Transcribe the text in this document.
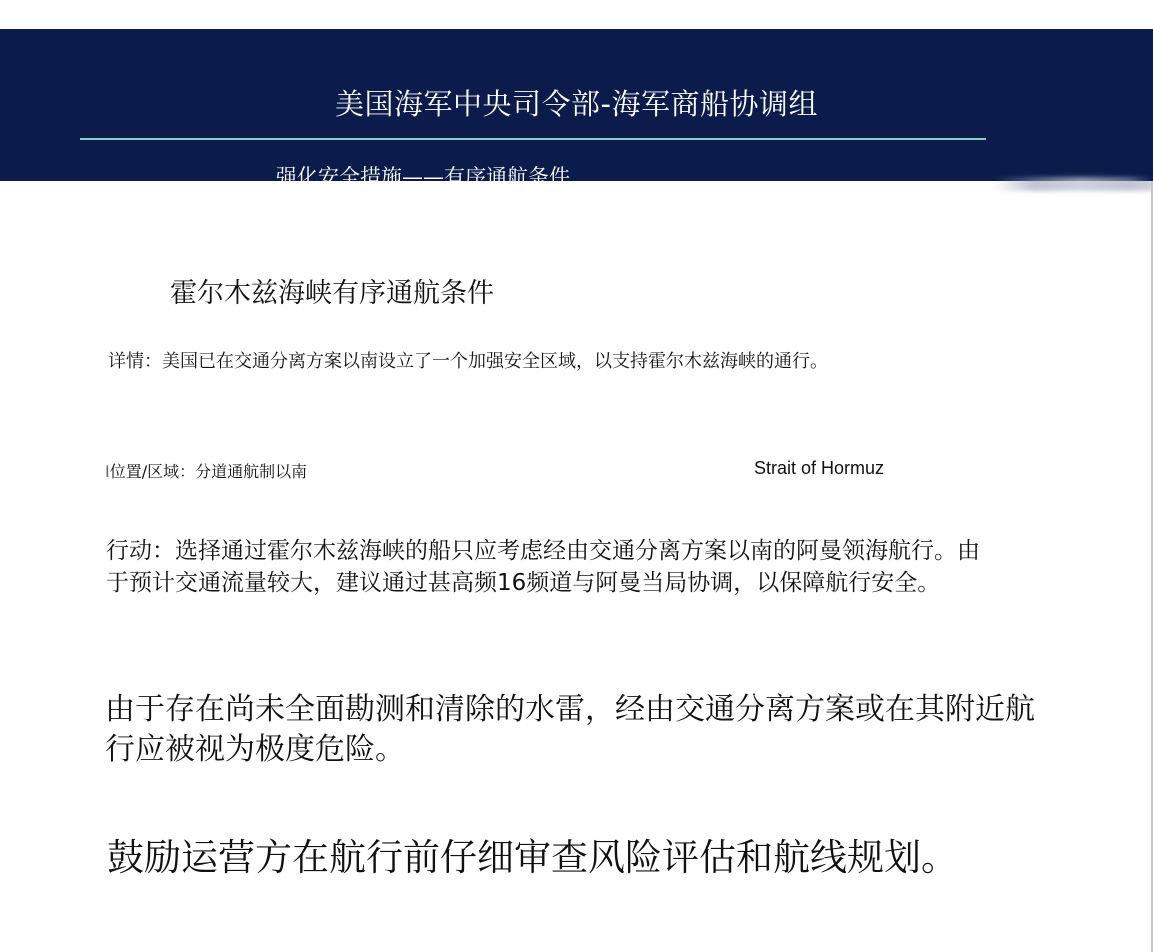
美国海军中央司令部-海军商船协调组
强化安全措施——有序通航条件
霍尔木兹海峡有序通航条件
详情：美国已在交通分离方案以南设立了一个加强安全区域，以支持霍尔木兹海峡的通行。
I位置/区域：分道通航制以南	Strait of Hormuz
行动：选择通过霍尔木兹海峡的船只应考虑经由交通分离方案以南的阿曼领海航行。由于预计交通流量较大，建议通过甚高频16频道与阿曼当局协调，以保障航行安全。
由于存在尚未全面勘测和清除的水雷，经由交通分离方案或在其附近航行应被视为极度危险。
鼓励运营方在航行前仔细审查风险评估和航线规划。
